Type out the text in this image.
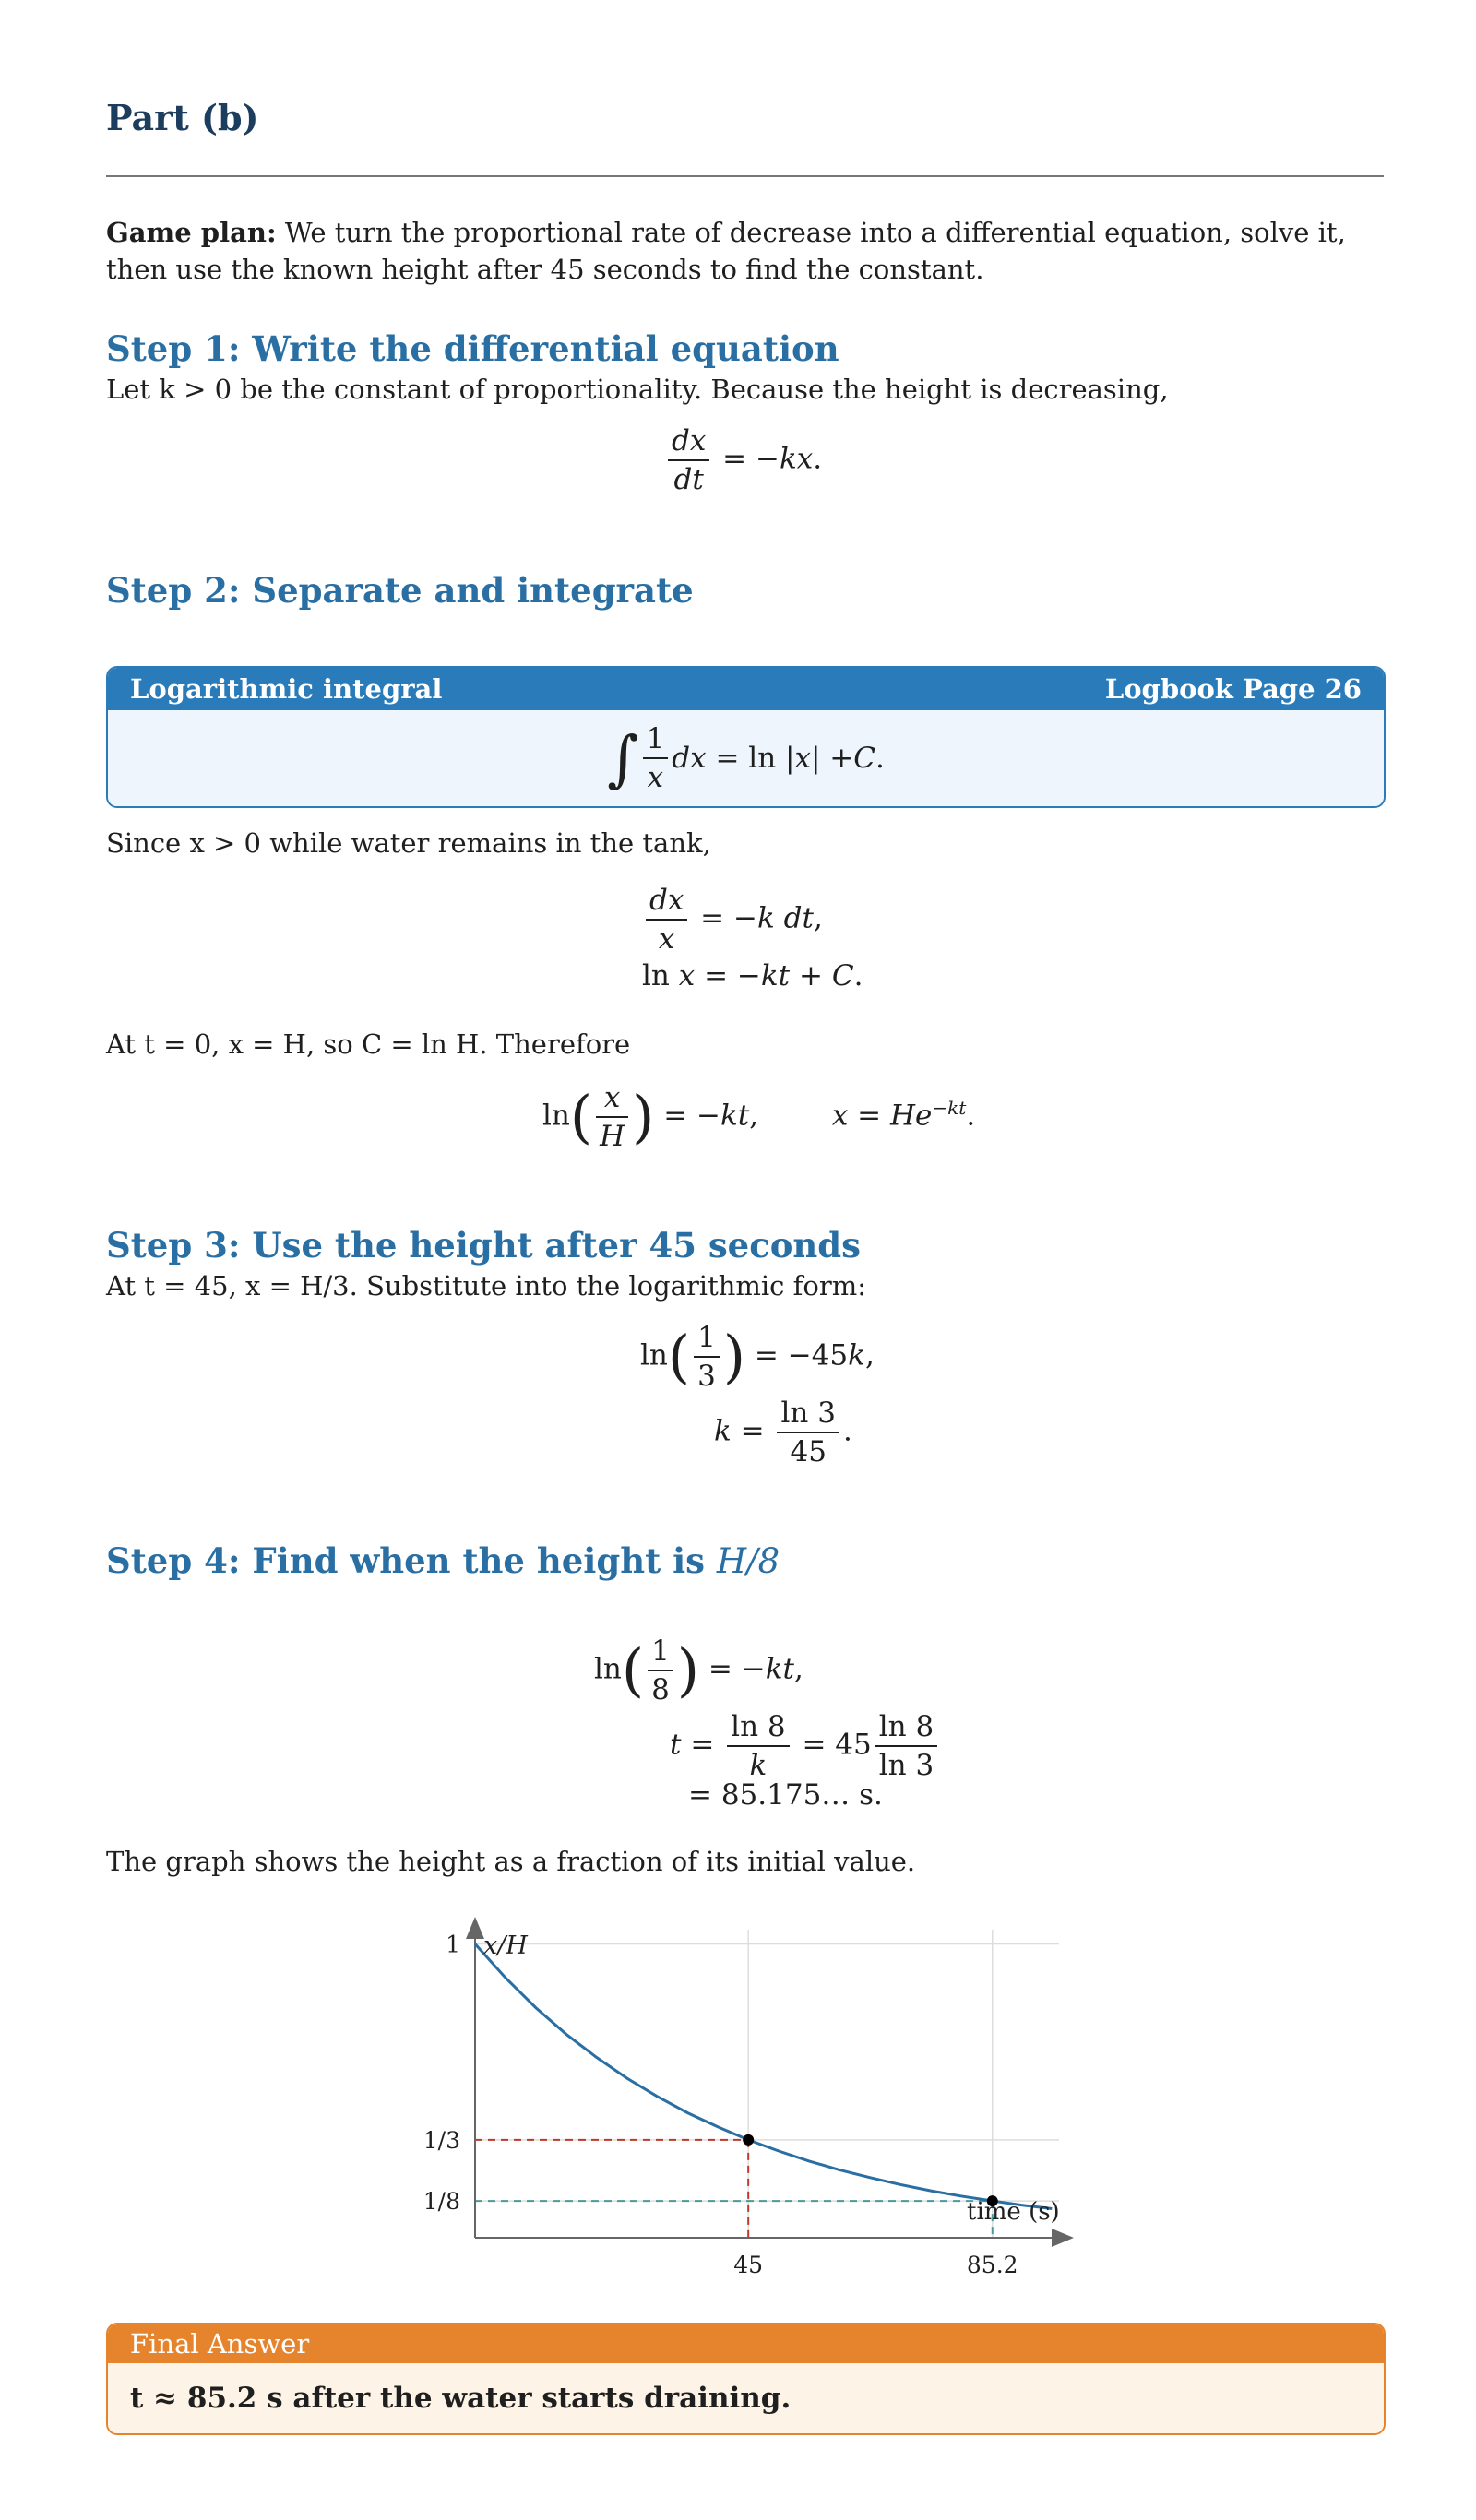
Part (b)
Game plan: We turn the proportional rate of decrease into a differential equation, solve it, then use the known height after 45 seconds to find the constant.
Step 1: Write the differential equation
Let k > 0 be the constant of proportionality. Because the height is decreasing,
$\frac{dx}{dt} = -kx$.
Step 2: Separate and integrate
Logarithmic integral	Logbook Page 26
∫ $\frac{1}{x}$ dx = ln | x | + C .
Since x > 0 while water remains in the tank,
$\frac{dx}{x} = -k$ dt,
ln x = −kt + C.
At t = 0, x = H, so C = ln H. Therefore
$\ln( \frac{x}{H}$ ) = −kt,  $x = He^{-kt}$.
Step 3: Use the height after 45 seconds
At t = 45, x = H/3. Substitute into the logarithmic form:
$\ln( \frac{1}{3}$ ) = −45k,
$k = \frac{\ln 3}{45}$ .
Step 4: Find when the height is H/8
$\ln( \frac{1}{8}$ ) = −kt,
$t = \frac{\ln 8}{k} = 45 \frac{\ln 8}{\ln 3}$
= 85.175… s.
The graph shows the height as a fraction of its initial value.
1
1/3
1/8
45	85.2
x/H
time (s)
Final Answer
t ≈ 85.2 s after the water starts draining.
